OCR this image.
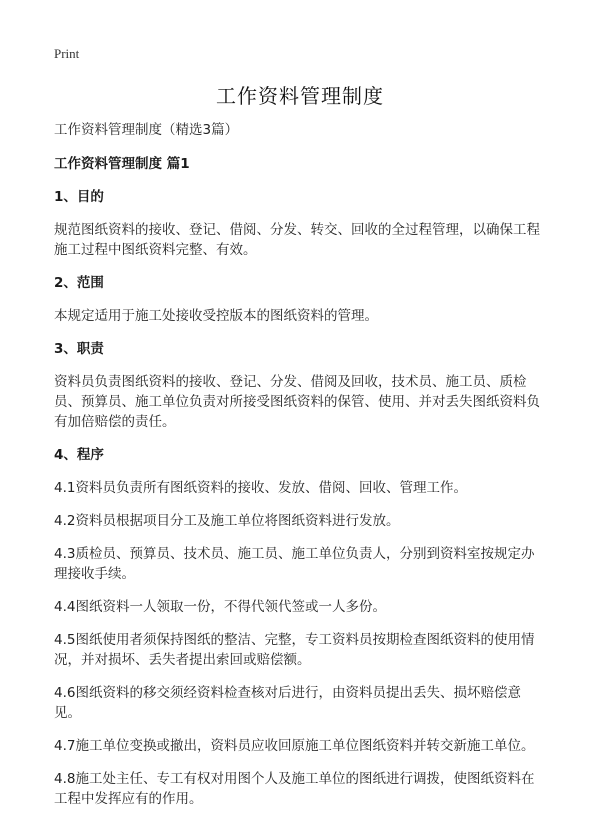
Print
工作资料管理制度
工作资料管理制度（精选3篇）
工作资料管理制度 篇1
1、目的
规范图纸资料的接收、登记、借阅、分发、转交、回收的全过程管理，以确保工程施工过程中图纸资料完整、有效。
2、范围
本规定适用于施工处接收受控版本的图纸资料的管理。
3、职责
资料员负责图纸资料的接收、登记、分发、借阅及回收，技术员、施工员、质检员、预算员、施工单位负责对所接受图纸资料的保管、使用、并对丢失图纸资料负有加倍赔偿的责任。
4、程序
4.1资料员负责所有图纸资料的接收、发放、借阅、回收、管理工作。
4.2资料员根据项目分工及施工单位将图纸资料进行发放。
4.3质检员、预算员、技术员、施工员、施工单位负责人，分别到资料室按规定办理接收手续。
4.4图纸资料一人领取一份，不得代领代签或一人多份。
4.5图纸使用者须保持图纸的整洁、完整，专工资料员按期检查图纸资料的使用情况，并对损坏、丢失者提出索回或赔偿额。
4.6图纸资料的移交须经资料检查核对后进行，由资料员提出丢失、损坏赔偿意见。
4.7施工单位变换或撤出，资料员应收回原施工单位图纸资料并转交新施工单位。
4.8施工处主任、专工有权对用图个人及施工单位的图纸进行调拨，使图纸资料在工程中发挥应有的作用。
